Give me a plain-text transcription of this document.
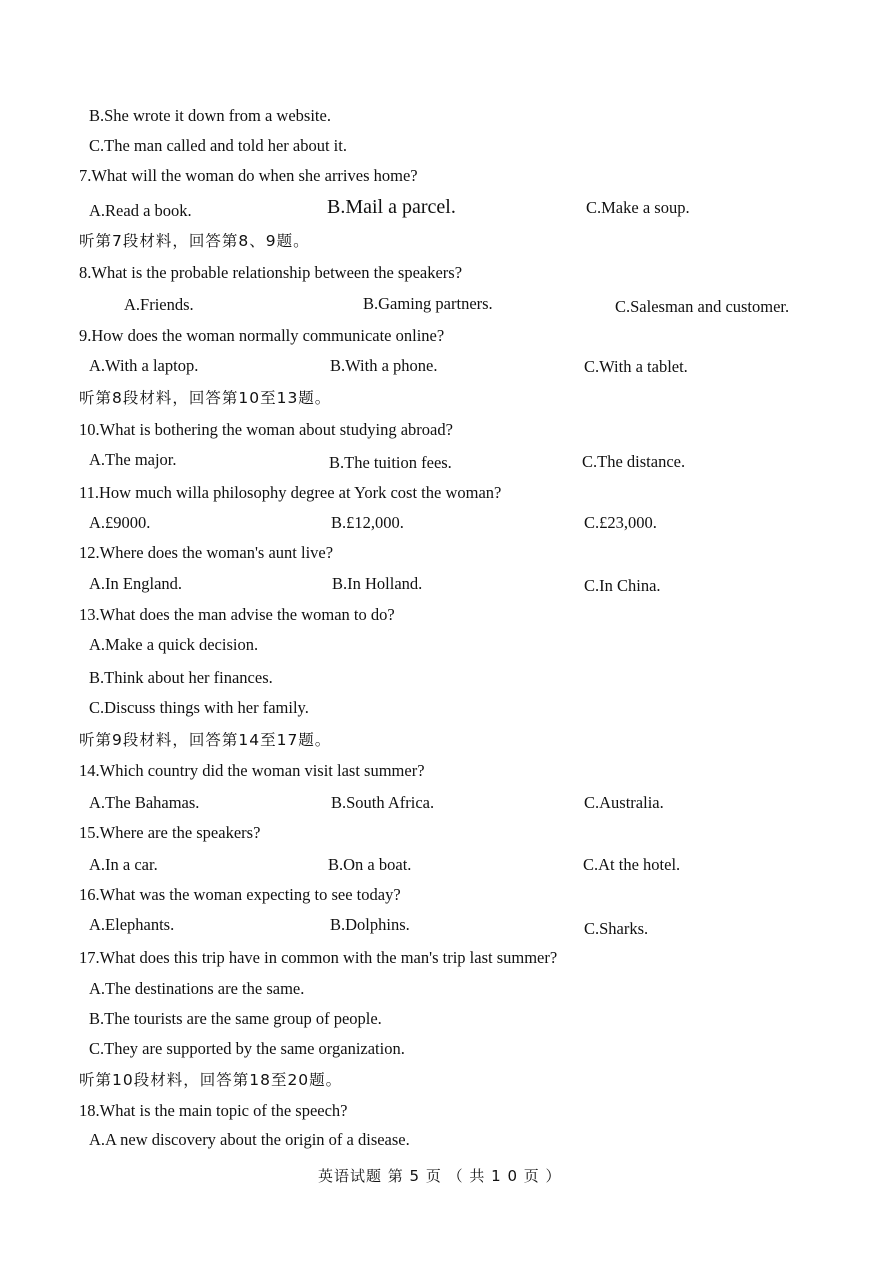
B.She wrote it down from a website.
C.The man called and told her about it.
7.What will the woman do when she arrives home?
A.Read a book.	B.Mail a parcel.	C.Make a soup.
听第7段材料，回答第8、9题。
8.What is the probable relationship between the speakers?
A.Friends.	B.Gaming partners.	C.Salesman and customer.
9.How does the woman normally communicate online?
A.With a laptop.	B.With a phone.	C.With a tablet.
听第8段材料，回答第10至13题。
10.What is bothering the woman about studying abroad?
A.The major.	B.The tuition fees.	C.The distance.
11.How much willa philosophy degree at York cost the woman?
A.£9000.	B.£12,000.	C.£23,000.
12.Where does the woman's aunt live?
A.In England.	B.In Holland.	C.In China.
13.What does the man advise the woman to do?
A.Make a quick decision.
B.Think about her finances.
C.Discuss things with her family.
听第9段材料，回答第14至17题。
14.Which country did the woman visit last summer?
A.The Bahamas.	B.South Africa.	C.Australia.
15.Where are the speakers?
A.In a car.	B.On a boat.	C.At the hotel.
16.What was the woman expecting to see today?
A.Elephants.	B.Dolphins.	C.Sharks.
17.What does this trip have in common with the man's trip last summer?
A.The destinations are the same.
B.The tourists are the same group of people.
C.They are supported by the same organization.
听第10段材料，回答第18至20题。
18.What is the main topic of the speech?
A.A new discovery about the origin of a disease.
英语试题 第 5 页 （ 共 1 0 页 ）
